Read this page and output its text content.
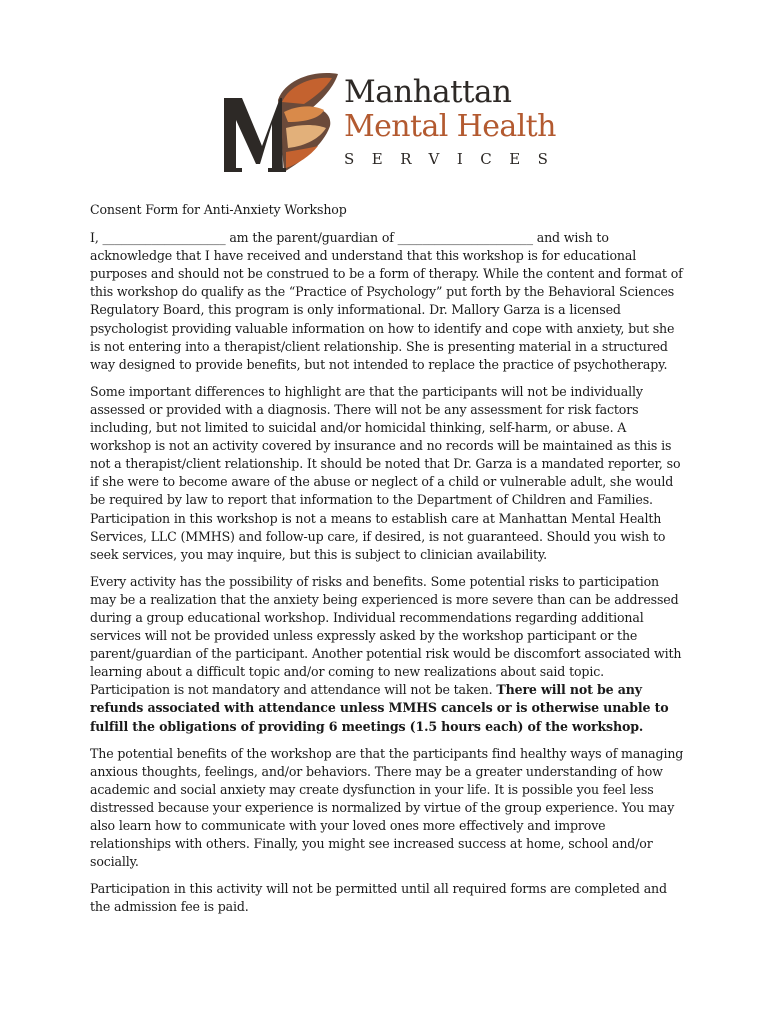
Manhattan
Mental Health
SERVICES
Consent Form for Anti-Anxiety Workshop

I, ____________________ am the parent/guardian of ______________________ and wish to acknowledge that I have received and understand that this workshop is for educational purposes and should not be construed to be a form of therapy. While the content and format of this workshop do qualify as the “Practice of Psychology” put forth by the Behavioral Sciences Regulatory Board, this program is only informational. Dr. Mallory Garza is a licensed psychologist providing valuable information on how to identify and cope with anxiety, but she is not entering into a therapist/client relationship. She is presenting material in a structured way designed to provide benefits, but not intended to replace the practice of psychotherapy.

Some important differences to highlight are that the participants will not be individually assessed or provided with a diagnosis. There will not be any assessment for risk factors including, but not limited to suicidal and/or homicidal thinking, self-harm, or abuse. A workshop is not an activity covered by insurance and no records will be maintained as this is not a therapist/client relationship. It should be noted that Dr. Garza is a mandated reporter, so if she were to become aware of the abuse or neglect of a child or vulnerable adult, she would be required by law to report that information to the Department of Children and Families. Participation in this workshop is not a means to establish care at Manhattan Mental Health Services, LLC (MMHS) and follow-up care, if desired, is not guaranteed. Should you wish to seek services, you may inquire, but this is subject to clinician availability.

Every activity has the possibility of risks and benefits. Some potential risks to participation may be a realization that the anxiety being experienced is more severe than can be addressed during a group educational workshop. Individual recommendations regarding additional services will not be provided unless expressly asked by the workshop participant or the parent/guardian of the participant. Another potential risk would be discomfort associated with learning about a difficult topic and/or coming to new realizations about said topic. Participation is not mandatory and attendance will not be taken. There will not be any refunds associated with attendance unless MMHS cancels or is otherwise unable to fulfill the obligations of providing 6 meetings (1.5 hours each) of the workshop.

The potential benefits of the workshop are that the participants find healthy ways of managing anxious thoughts, feelings, and/or behaviors. There may be a greater understanding of how academic and social anxiety may create dysfunction in your life. It is possible you feel less distressed because your experience is normalized by virtue of the group experience. You may also learn how to communicate with your loved ones more effectively and improve relationships with others. Finally, you might see increased success at home, school and/or socially.

Participation in this activity will not be permitted until all required forms are completed and the admission fee is paid.
